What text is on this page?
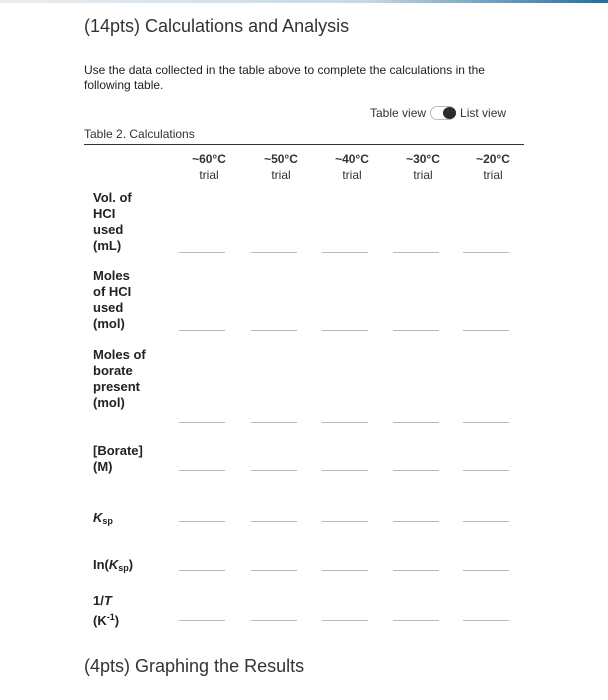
(14pts) Calculations and Analysis
Use the data collected in the table above to complete the calculations in the following table.
Table view	List view
Table 2. Calculations
~60°C
trial
~50°C
trial
~40°C
trial
~30°C
trial
~20°C
trial
Vol. of HCI used (mL)
Moles of HCI used (mol)
Moles of borate present (mol)
[Borate] (M)
$K_{sp}$
$In(K_{sp})$
1/T
$(K^{-1})$
(4pts) Graphing the Results
